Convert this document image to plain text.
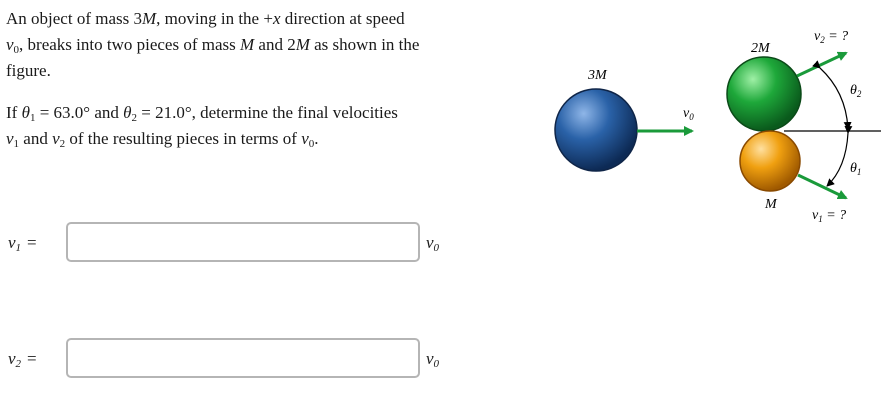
An object of mass 3M, moving in the +x direction at speed
$v_0$, breaks into two pieces of mass M and 2M as shown in the figure.

If $\theta_1 = 63.0^\circ$ and $\theta_2 = 21.0^\circ$, determine the final velocities
$v_1$ and $v_2$ of the resulting pieces in terms of $v_0$.

$v_1$ =	$v_0$
$v_2$ =	$v_0$
3M
$v_0$
2M
M
$v_2$ = ?
$v_1$ = ?
$\theta_2$
$\theta_1$
